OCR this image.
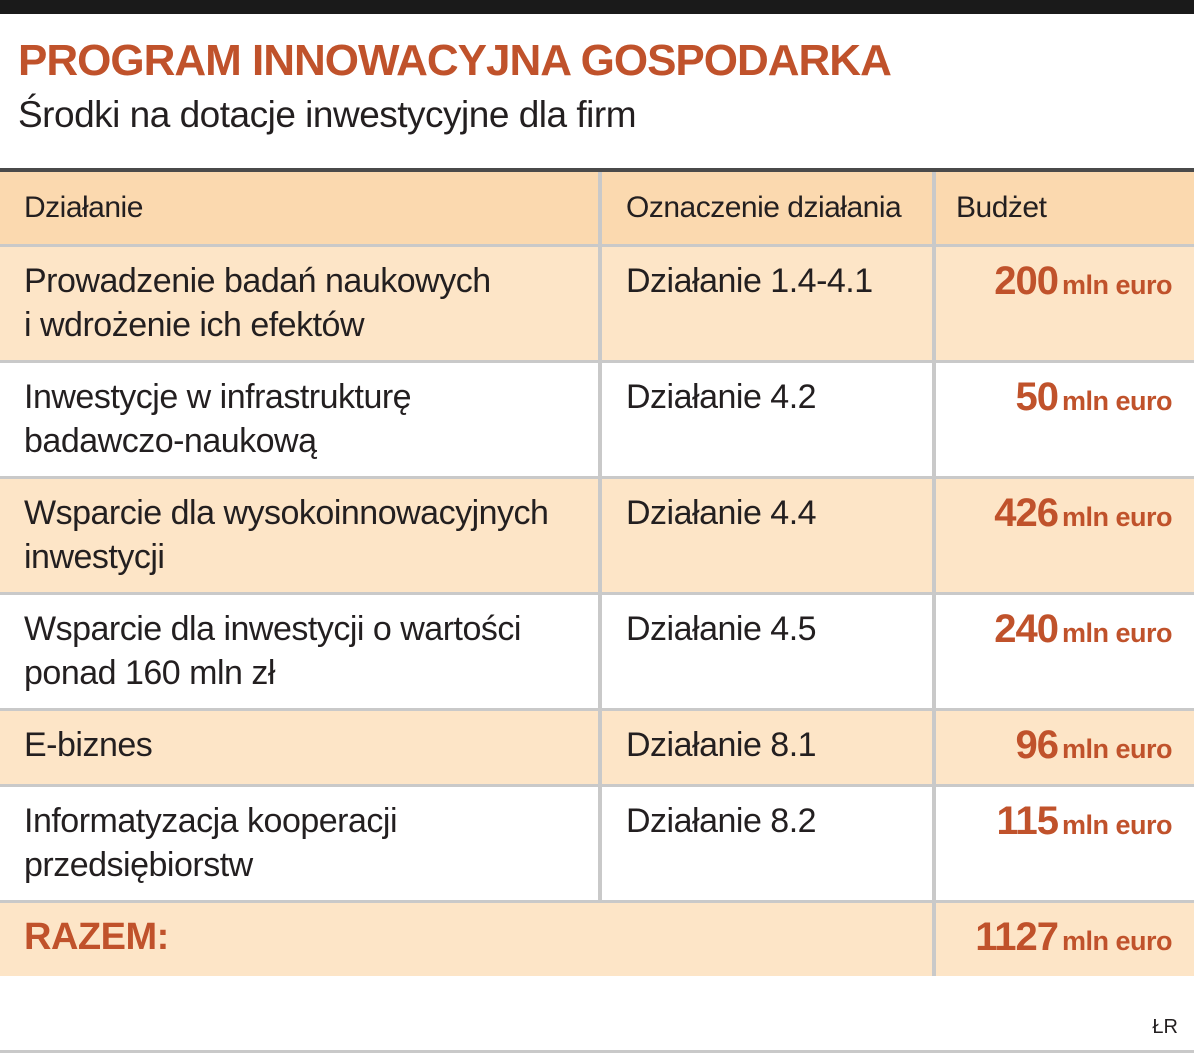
PROGRAM INNOWACYJNA GOSPODARKA
Środki na dotacje inwestycyjne dla firm
Działanie	Oznaczenie działania	Budżet
Prowadzenie badań naukowych
i wdrożenie ich efektów
Działanie 1.4-4.1	200 mln euro
Inwestycje w infrastrukturę
badawczo-naukową
Działanie 4.2	50 mln euro
Wsparcie dla wysokoinnowacyjnych
inwestycji
Działanie 4.4	426 mln euro
Wsparcie dla inwestycji o wartości
ponad 160 mln zł
Działanie 4.5	240 mln euro
E-biznes	Działanie 8.1	96 mln euro
Informatyzacja kooperacji
przedsiębiorstw
Działanie 8.2	115 mln euro
RAZEM:	1127 mln euro
ŁR
